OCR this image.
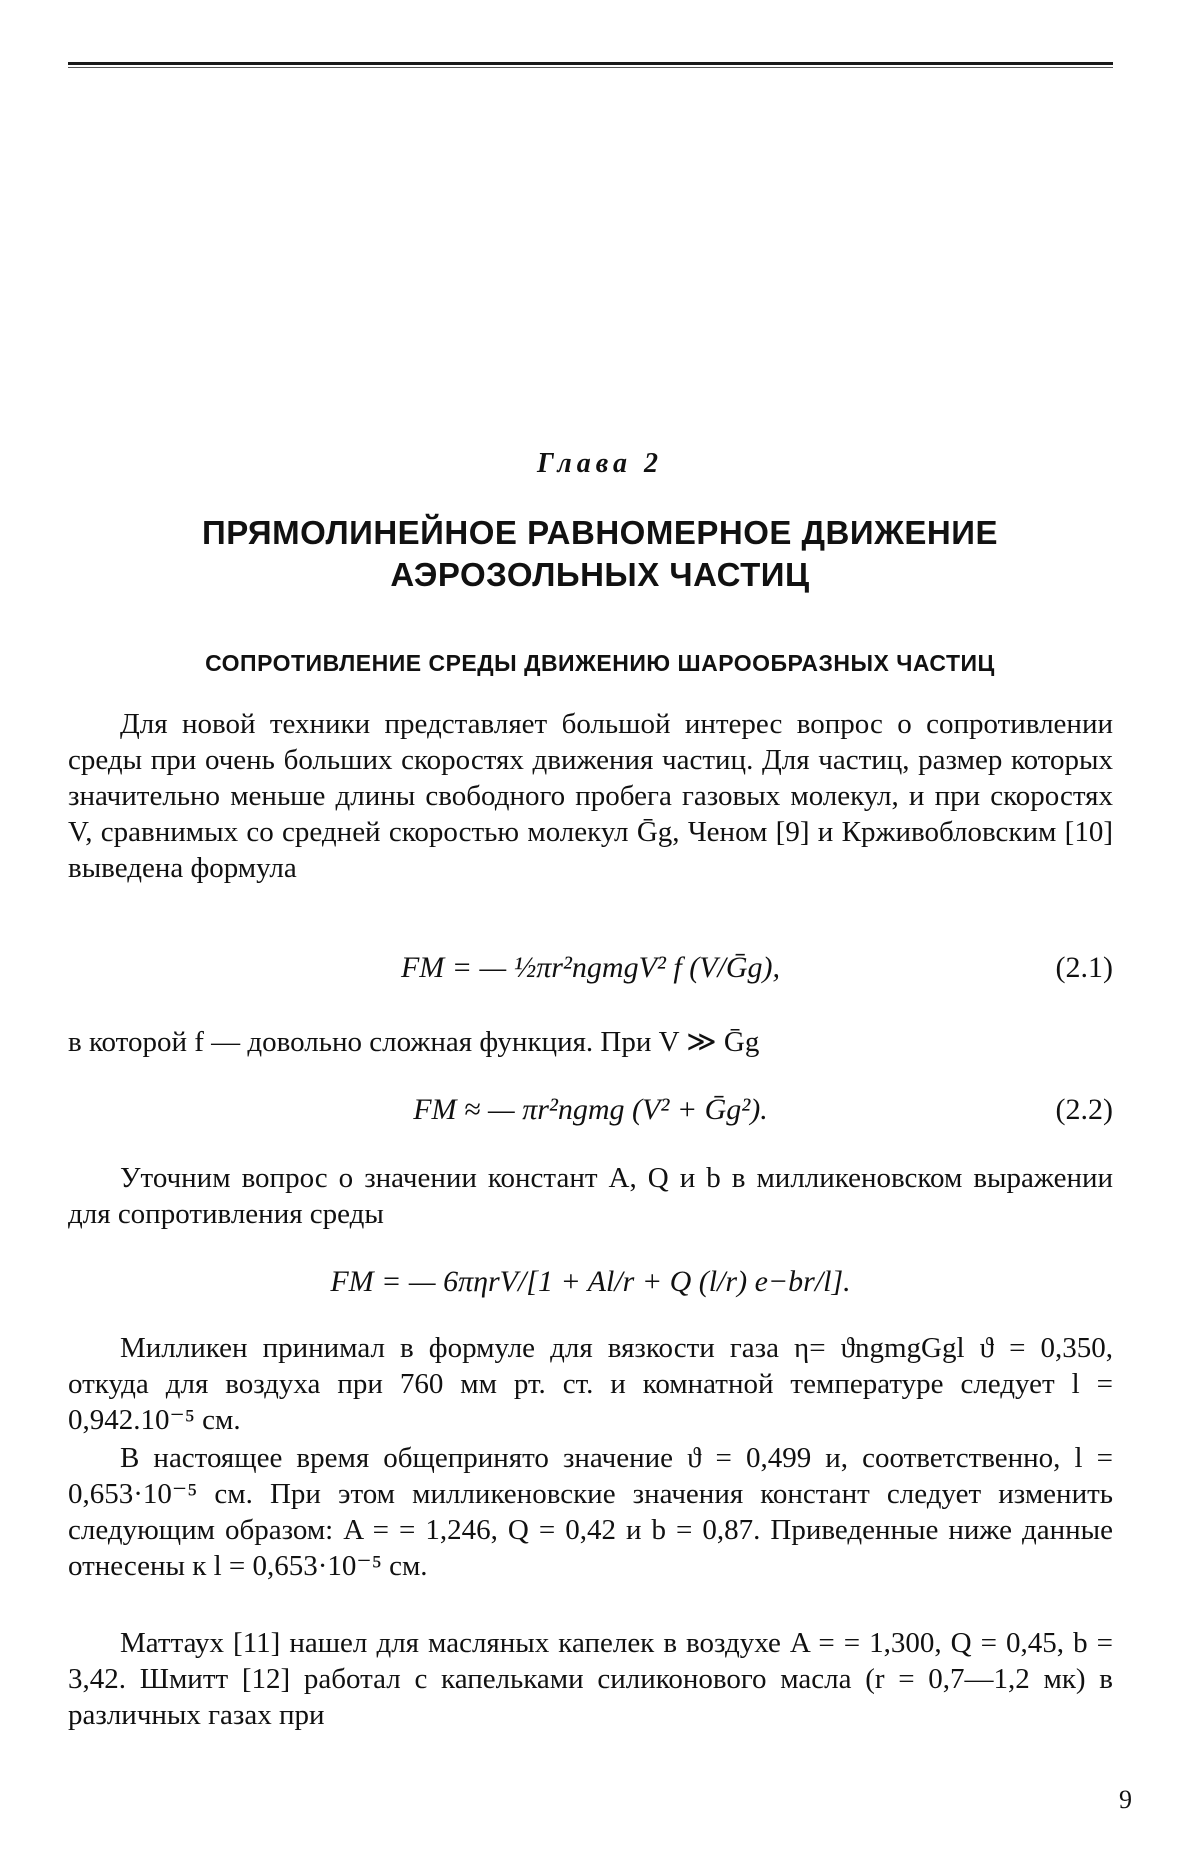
Глава 2
ПРЯМОЛИНЕЙНОЕ РАВНОМЕРНОЕ ДВИЖЕНИЕ
АЭРОЗОЛЬНЫХ ЧАСТИЦ
СОПРОТИВЛЕНИЕ СРЕДЫ ДВИЖЕНИЮ ШАРООБРАЗНЫХ ЧАСТИЦ

Для новой техники представляет большой интерес вопрос о сопротивлении среды при очень больших скоростях движения частиц. Для частиц, размер которых значительно меньше длины свободного пробега газовых молекул, и при скоростях V, сравнимых со средней скоростью молекул Ḡg, Ченом [9] и Крживобловским [10] выведена формула

FM = — ½πr²ngmgV² f (V/Ḡg),	(2.1)

в которой f — довольно сложная функция. При V ≫ Ḡg

FM ≈ — πr²ngmg (V² + Ḡg²).	(2.2)

Уточним вопрос о значении констант A, Q и b в милликеновском выражении для сопротивления среды

FM = — 6πηrV/[1 + Al/r + Q (l/r) e−br/l].

Милликен принимал в формуле для вязкости газа η= ϑngmgGgl ϑ = 0,350, откуда для воздуха при 760 мм рт. ст. и комнатной температуре следует l = 0,942.10⁻⁵ см.

В настоящее время общепринято значение ϑ = 0,499 и, соответственно, l = 0,653·10⁻⁵ см. При этом милликеновские значения констант следует изменить следующим образом: A = = 1,246, Q = 0,42 и b = 0,87. Приведенные ниже данные отнесены к l = 0,653·10⁻⁵ см.

Маттаух [11] нашел для масляных капелек в воздухе A = = 1,300, Q = 0,45, b = 3,42. Шмитт [12] работал с капельками силиконового масла (r = 0,7—1,2 мк) в различных газах при

9
